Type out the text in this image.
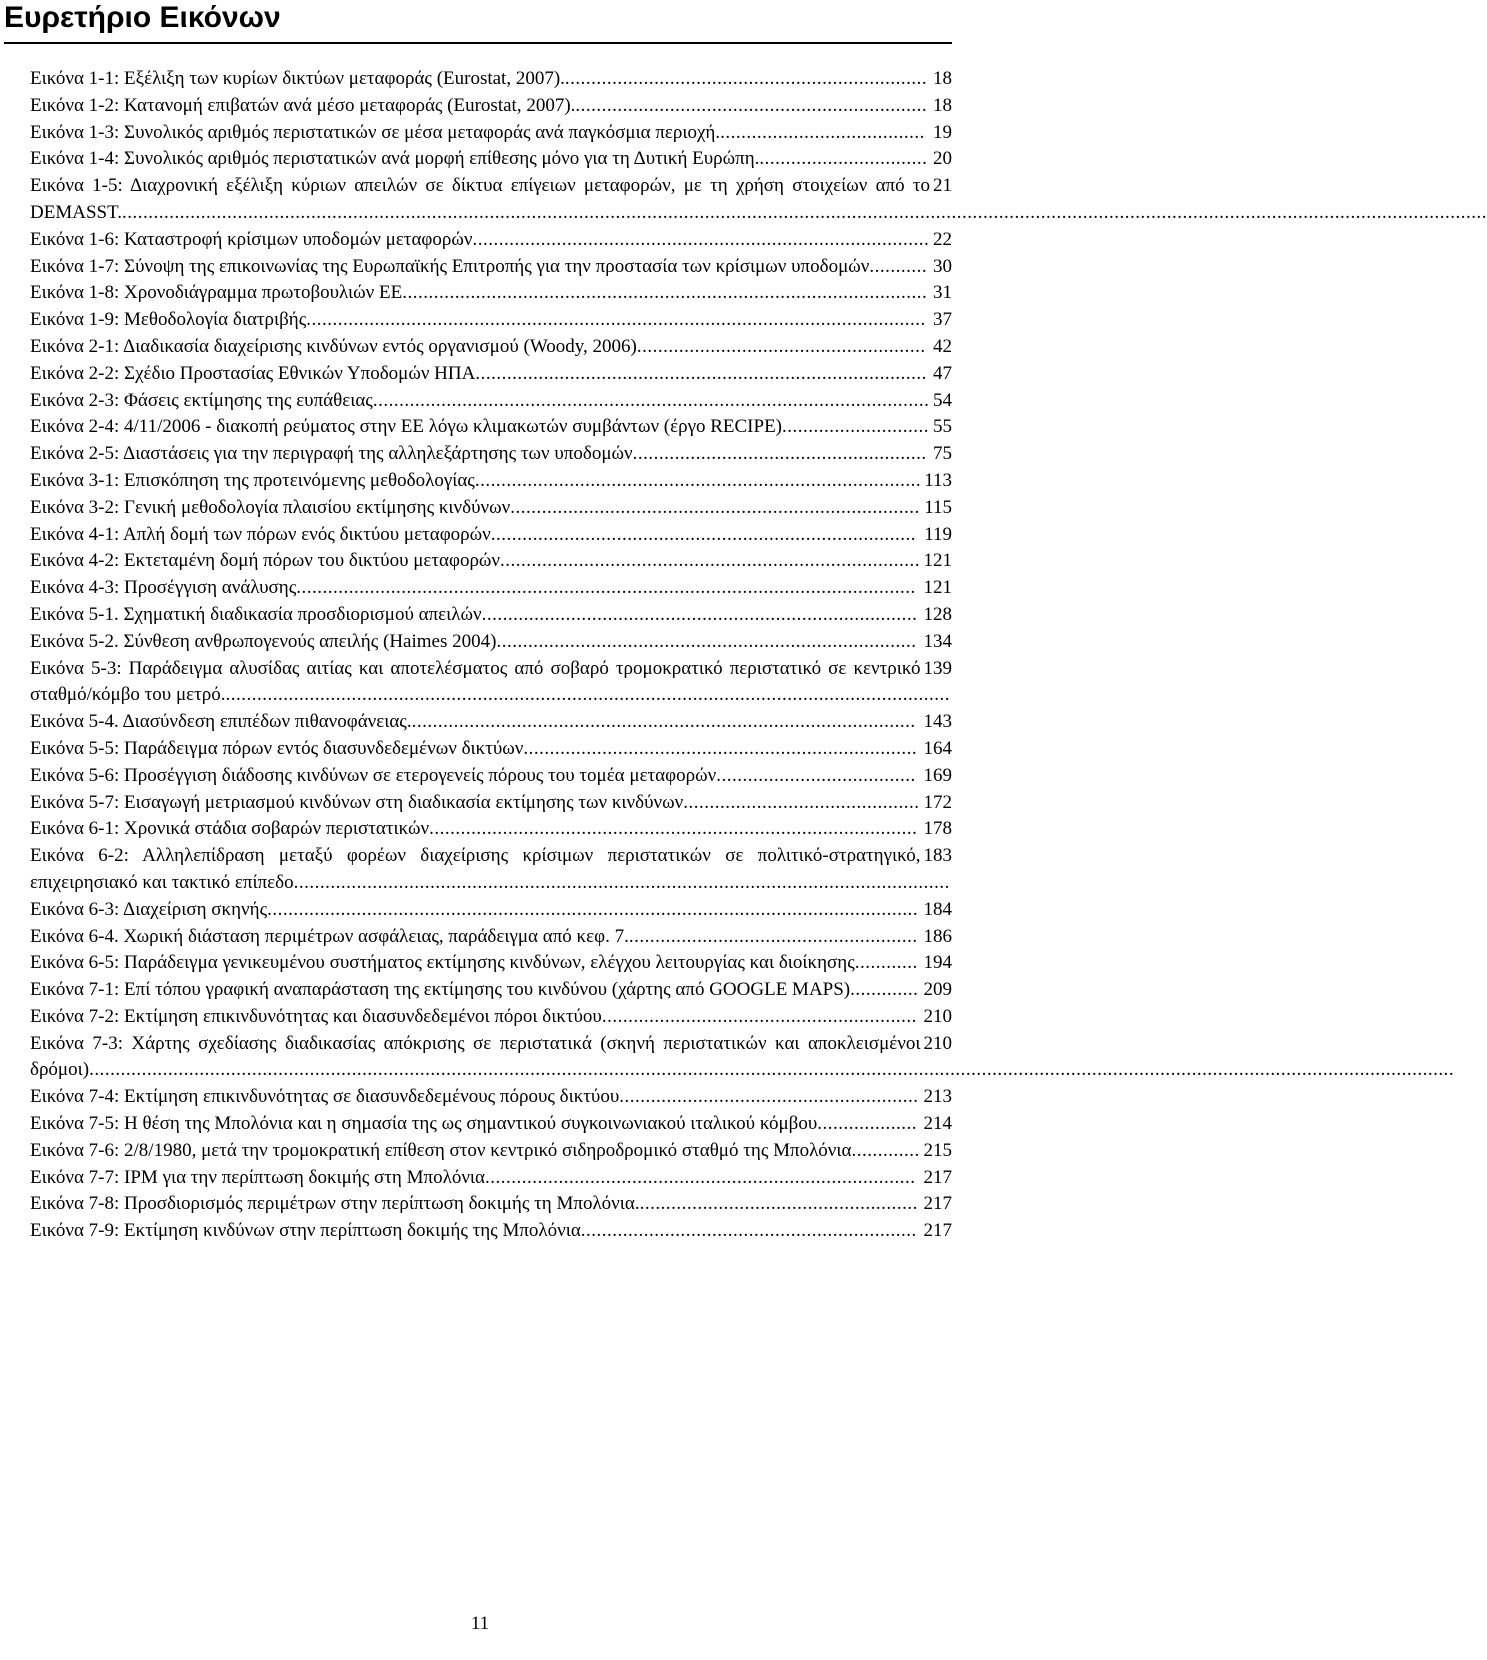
Ευρετήριο Εικόνων
18
Εικόνα 1-1: Εξέλιξη των κυρίων δικτύων μεταφοράς (Eurostat, 2007)......................................................................
18
Εικόνα 1-2: Κατανομή επιβατών ανά μέσο μεταφοράς (Eurostat, 2007)....................................................................
19
Εικόνα 1-3: Συνολικός αριθμός περιστατικών σε μέσα μεταφοράς ανά παγκόσμια περιοχή........................................
20
Εικόνα 1-4: Συνολικός αριθμός περιστατικών ανά μορφή επίθεσης μόνο για τη Δυτική Ευρώπη.................................
21
Εικόνα 1-5: Διαχρονική εξέλιξη κύριων απειλών σε δίκτυα επίγειων μεταφορών, με τη χρήση στοιχείων από το DEMASST.....................................................................................................................................................................................................................................................................
22
Εικόνα 1-6: Καταστροφή κρίσιμων υποδομών μεταφορών.......................................................................................
30
Εικόνα 1-7: Σύνοψη της επικοινωνίας της Ευρωπαϊκής Επιτροπής για την προστασία των κρίσιμων υποδομών...........
31
Εικόνα 1-8: Χρονοδιάγραμμα πρωτοβουλιών ΕΕ....................................................................................................
37
Εικόνα 1-9: Μεθοδολογία διατριβής......................................................................................................................
42
Εικόνα 2-1: Διαδικασία διαχείρισης κινδύνων εντός οργανισμού (Woody, 2006).......................................................
47
Εικόνα 2-2: Σχέδιο Προστασίας Εθνικών Υποδομών ΗΠΑ......................................................................................
54
Εικόνα 2-3: Φάσεις εκτίμησης της ευπάθειας..........................................................................................................
55
Εικόνα 2-4: 4/11/2006 - διακοπή ρεύματος στην ΕΕ λόγω κλιμακωτών συμβάντων (έργο RECIPE)............................
75
Εικόνα 2-5: Διαστάσεις για την περιγραφή της αλληλεξάρτησης των υποδομών........................................................
113
Εικόνα 3-1: Επισκόπηση της προτεινόμενης μεθοδολογίας.....................................................................................
115
Εικόνα 3-2: Γενική μεθοδολογία πλαισίου εκτίμησης κινδύνων..............................................................................
119
Εικόνα 4-1: Απλή δομή των πόρων ενός δικτύου μεταφορών.................................................................................
121
Εικόνα 4-2: Εκτεταμένη δομή πόρων του δικτύου μεταφορών................................................................................
121
Εικόνα 4-3: Προσέγγιση ανάλυσης......................................................................................................................
128
Εικόνα 5-1. Σχηματική διαδικασία προσδιορισμού απειλών...................................................................................
134
Εικόνα 5-2. Σύνθεση ανθρωπογενούς απειλής (Haimes 2004)................................................................................
139
Εικόνα 5-3: Παράδειγμα αλυσίδας αιτίας και αποτελέσματος από σοβαρό τρομοκρατικό περιστατικό σε κεντρικό σταθμό/κόμβο του μετρό...........................................................................................................................................
143
Εικόνα 5-4. Διασύνδεση επιπέδων πιθανοφάνειας.................................................................................................
164
Εικόνα 5-5: Παράδειγμα πόρων εντός διασυνδεδεμένων δικτύων...........................................................................
169
Εικόνα 5-6: Προσέγγιση διάδοσης κινδύνων σε ετερογενείς πόρους του τομέα μεταφορών......................................
172
Εικόνα 5-7: Εισαγωγή μετριασμού κινδύνων στη διαδικασία εκτίμησης των κινδύνων.............................................
178
Εικόνα 6-1: Χρονικά στάδια σοβαρών περιστατικών.............................................................................................
183
Εικόνα 6-2: Αλληλεπίδραση μεταξύ φορέων διαχείρισης κρίσιμων περιστατικών σε πολιτικό-στρατηγικό, επιχειρησιακό και τακτικό επίπεδο.............................................................................................................................
184
Εικόνα 6-3: Διαχείριση σκηνής............................................................................................................................
186
Εικόνα 6-4. Χωρική διάσταση περιμέτρων ασφάλειας, παράδειγμα από κεφ. 7........................................................
194
Εικόνα 6-5: Παράδειγμα γενικευμένου συστήματος εκτίμησης κινδύνων, ελέγχου λειτουργίας και διοίκησης............
209
Εικόνα 7-1: Επί τόπου γραφική αναπαράσταση της εκτίμησης του κινδύνου (χάρτης από GOOGLE MAPS).............
210
Εικόνα 7-2: Εκτίμηση επικινδυνότητας και διασυνδεδεμένοι πόροι δικτύου............................................................
210
Εικόνα 7-3: Χάρτης σχεδίασης διαδικασίας απόκρισης σε περιστατικά (σκηνή περιστατικών και αποκλεισμένοι δρόμοι)....................................................................................................................................................................................................................................................................
213
Εικόνα 7-4: Εκτίμηση επικινδυνότητας σε διασυνδεδεμένους πόρους δικτύου.........................................................
214
Εικόνα 7-5: Η θέση της Μπολόνια και η σημασία της ως σημαντικού συγκοινωνιακού ιταλικού κόμβου...................
215
Εικόνα 7-6: 2/8/1980, μετά την τρομοκρατική επίθεση στον κεντρικό σιδηροδρομικό σταθμό της Μπολόνια.............
217
Εικόνα 7-7: IPM για την περίπτωση δοκιμής στη Μπολόνια..................................................................................
217
Εικόνα 7-8: Προσδιορισμός περιμέτρων στην περίπτωση δοκιμής τη Μπολόνια......................................................
217
Εικόνα 7-9: Εκτίμηση κινδύνων στην περίπτωση δοκιμής της Μπολόνια................................................................
11
